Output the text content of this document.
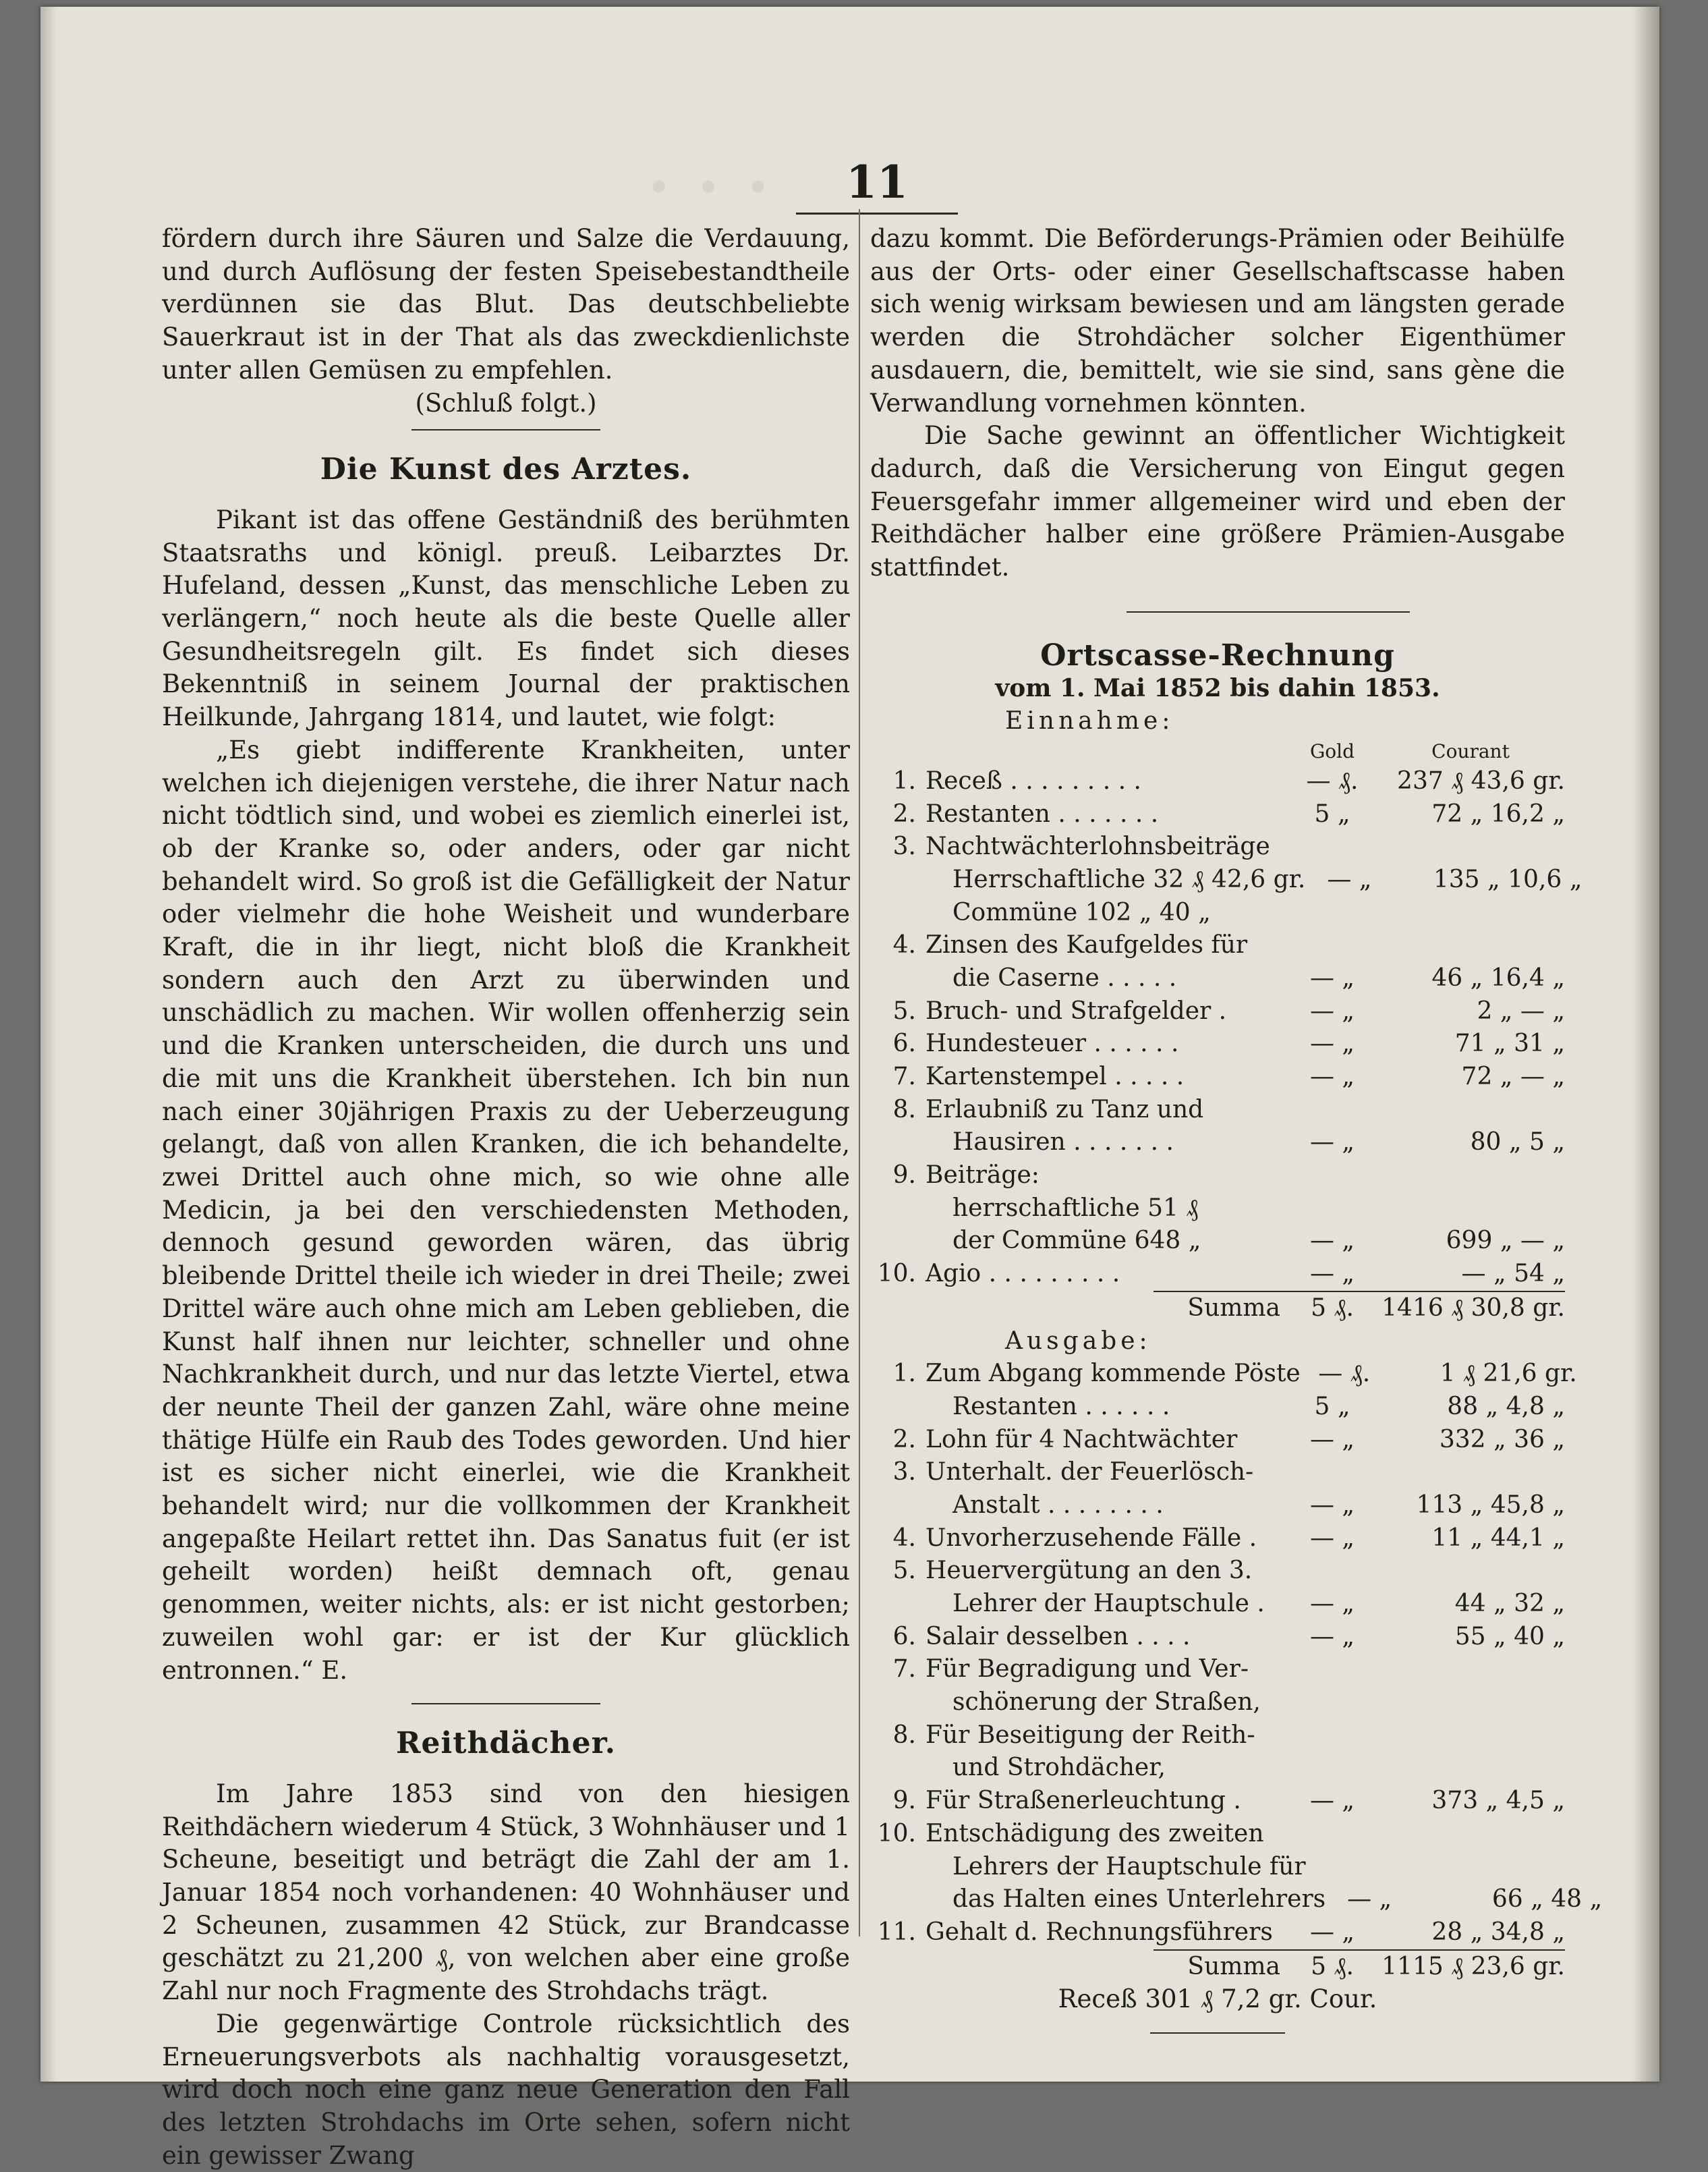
···	11

fördern durch ihre Säuren und Salze die Verdauung, und durch Auflösung der festen Speisebestandtheile verdünnen sie das Blut. Das deutschbeliebte Sauerkraut ist in der That als das zweckdienlichste unter allen Gemüsen zu empfehlen.

(Schluß folgt.)

Die Kunst des Arztes.

Pikant ist das offene Geständniß des berühmten Staatsraths und königl. preuß. Leibarztes Dr. Hufeland, dessen „Kunst, das menschliche Leben zu verlängern,“ noch heute als die beste Quelle aller Gesundheitsregeln gilt. Es findet sich dieses Bekenntniß in seinem Journal der praktischen Heilkunde, Jahrgang 1814, und lautet, wie folgt:

„Es giebt indifferente Krankheiten, unter welchen ich diejenigen verstehe, die ihrer Natur nach nicht tödtlich sind, und wobei es ziemlich einerlei ist, ob der Kranke so, oder anders, oder gar nicht behandelt wird. So groß ist die Gefälligkeit der Natur oder vielmehr die hohe Weisheit und wunderbare Kraft, die in ihr liegt, nicht bloß die Krankheit sondern auch den Arzt zu überwinden und unschädlich zu machen. Wir wollen offenherzig sein und die Kranken unterscheiden, die durch uns und die mit uns die Krankheit überstehen. Ich bin nun nach einer 30jährigen Praxis zu der Ueberzeugung gelangt, daß von allen Kranken, die ich behandelte, zwei Drittel auch ohne mich, so wie ohne alle Medicin, ja bei den verschiedensten Methoden, dennoch gesund geworden wären, das übrig bleibende Drittel theile ich wieder in drei Theile; zwei Drittel wäre auch ohne mich am Leben geblieben, die Kunst half ihnen nur leichter, schneller und ohne Nachkrankheit durch, und nur das letzte Viertel, etwa der neunte Theil der ganzen Zahl, wäre ohne meine thätige Hülfe ein Raub des Todes geworden. Und hier ist es sicher nicht einerlei, wie die Krankheit behandelt wird; nur die vollkommen der Krankheit angepaßte Heilart rettet ihn. Das Sanatus fuit (er ist geheilt worden) heißt demnach oft, genau genommen, weiter nichts, als: er ist nicht gestorben; zuweilen wohl gar: er ist der Kur glücklich entronnen.“ E.

Reithdächer.

Im Jahre 1853 sind von den hiesigen Reithdächern wiederum 4 Stück, 3 Wohnhäuser und 1 Scheune, beseitigt und beträgt die Zahl der am 1. Januar 1854 noch vorhandenen: 40 Wohnhäuser und 2 Scheunen, zusammen 42 Stück, zur Brandcasse geschätzt zu 21,200 ₰, von welchen aber eine große Zahl nur noch Fragmente des Strohdachs trägt.

Die gegenwärtige Controle rücksichtlich des Erneuerungsverbots als nachhaltig vorausgesetzt, wird doch noch eine ganz neue Generation den Fall des letzten Strohdachs im Orte sehen, sofern nicht ein gewisser Zwang

dazu kommt. Die Beförderungs-Prämien oder Beihülfe aus der Orts- oder einer Gesellschaftscasse haben sich wenig wirksam bewiesen und am längsten gerade werden die Strohdächer solcher Eigenthümer ausdauern, die, bemittelt, wie sie sind, sans gène die Verwandlung vornehmen könnten.

Die Sache gewinnt an öffentlicher Wichtigkeit dadurch, daß die Versicherung von Eingut gegen Feuersgefahr immer allgemeiner wird und eben der Reithdächer halber eine größere Prämien-Ausgabe stattfindet.

Ortscasse-Rechnung
vom 1. Mai 1852 bis dahin 1853.
Einnahme:
Gold	Courant
1. Receß . . . . . . . . .	— ₰.	237 ₰ 43,6 gr.
2. Restanten . . . . . . .	5 „	72 „ 16,2 „
3. Nachtwächterlohnsbeiträge
Herrschaftliche 32 ₰ 42,6 gr. — „	135 „ 10,6 „
Commüne 102 „ 40 „
4. Zinsen des Kaufgeldes für
die Caserne . . . . .	— „	46 „ 16,4 „
5. Bruch- und Strafgelder .	— „	2 „ — „
6. Hundesteuer . . . . . .	— „	71 „ 31 „
7. Kartenstempel . . . . .	— „	72 „ — „
8. Erlaubniß zu Tanz und
Hausiren . . . . . . .	— „	80 „ 5 „
9. Beiträge:
herrschaftliche 51 ₰
der Commüne 648 „	— „	699 „ — „
10. Agio . . . . . . . . .	— „	— „ 54 „
Summa	5 ₰.	1416 ₰ 30,8 gr.
Ausgabe:
1. Zum Abgang kommende Pöste — ₰.	1 ₰ 21,6 gr.
Restanten . . . . . .	5 „	88 „ 4,8 „
2. Lohn für 4 Nachtwächter	— „	332 „ 36 „
3. Unterhalt. der Feuerlösch-
Anstalt . . . . . . . .	— „	113 „ 45,8 „
4. Unvorherzusehende Fälle .	— „	11 „ 44,1 „
5. Heuervergütung an den 3.
Lehrer der Hauptschule .	— „	44 „ 32 „
6. Salair desselben . . . .	— „	55 „ 40 „
7. Für Begradigung und Ver-
schönerung der Straßen,
8. Für Beseitigung der Reith-
und Strohdächer,
9. Für Straßenerleuchtung .	— „	373 „ 4,5 „
10. Entschädigung des zweiten
Lehrers der Hauptschule für
das Halten eines Unterlehrers — „	66 „ 48 „
11. Gehalt d. Rechnungsführers	— „	28 „ 34,8 „
Summa	5 ₰.	1115 ₰ 23,6 gr.
Receß 301 ₰ 7,2 gr. Cour.
